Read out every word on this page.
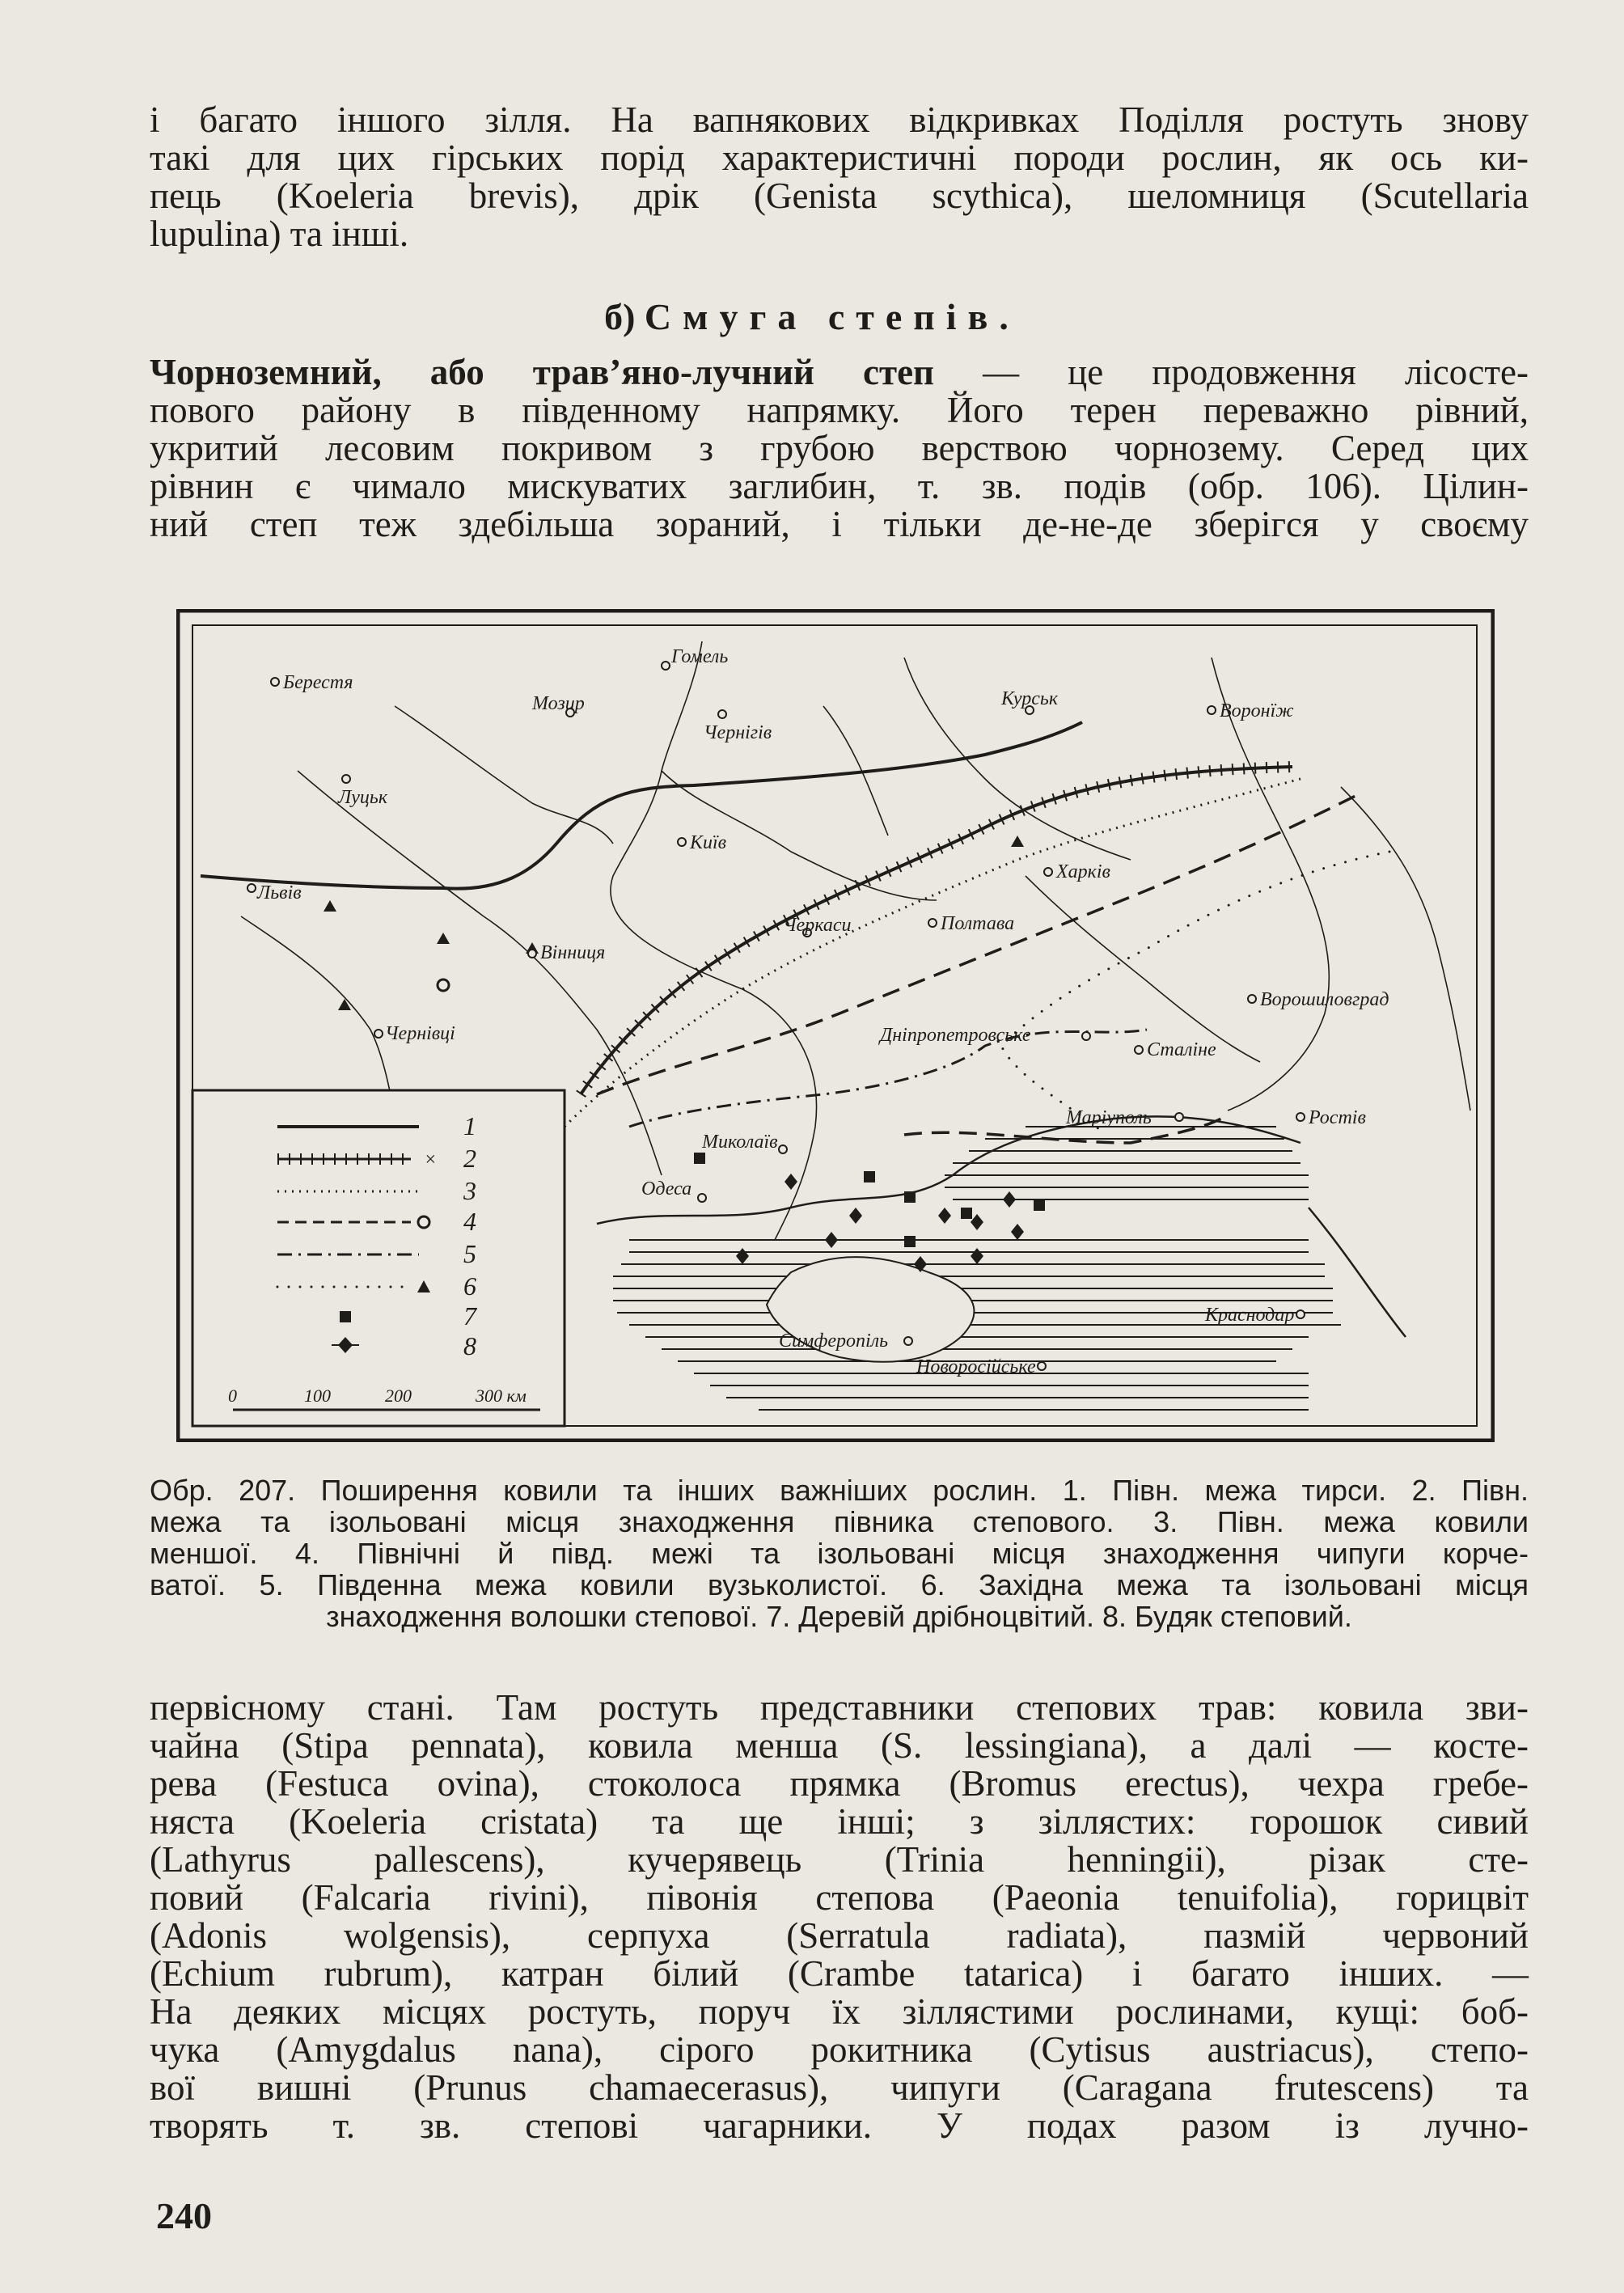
і багато іншого зілля. На вапнякових відкривках Поділля ростуть знову
такі для цих гірських порід характеристичні породи рослин, як ось ки-
пець (Koeleria brevis), дрік (Genista scythica), шеломниця (Scutellaria
lupulina) та інші.

б) Смуга степів.

Чорноземний, або трав’яно-лучний степ — це продовження лісосте-
пового району в південному напрямку. Його терен переважно рівний,
укритий лесовим покривом з грубою верствою чорнозему. Серед цих
рівнин є чимало мискуватих заглибин, т. зв. подів (обр. 106). Цілин-
ний степ теж здебільша зораний, і тільки де-не-де зберігся у своєму

Берестя
Гомель
Мозир
Чернігів
Курськ
Воронїж
Луцьк
Київ
Харків
Львів
Черкаси	Полтава
Вінниця
Ворошиловград
Чернівці	Дніпропетровське
Сталіне
Маріуполь	Ростів
Миколаїв
Одеса
Краснодар
Симферопіль
Новоросійське
×
1
2
3
4
5
6
7
8
0	100	200	300 км
Обр. 207. Поширення ковили та інших важніших рослин. 1. Півн. межа тирси. 2. Півн.
межа та ізольовані місця знаходження півника степового. 3. Півн. межа ковили
меншої. 4. Північні й півд. межі та ізольовані місця знаходження чипуги корче-
ватої. 5. Південна межа ковили вузьколистої. 6. Західна межа та ізольовані місця
знаходження волошки степової. 7. Деревій дрібноцвітий. 8. Будяк степовий.

первісному стані. Там ростуть представники степових трав: ковила зви-
чайна (Stipa pennata), ковила менша (S. lessingiana), а далі — косте-
рева (Festuca ovina), стоколоса прямка (Bromus erectus), чехра гребе-
няста (Koeleria cristata) та ще інші; з зіллястих: горошок сивий
(Lathyrus pallescens), кучерявець (Trinia henningii), різак сте-
повий (Falcaria rivini), півонія степова (Paeonia tenuifolia), горицвіт
(Adonis wolgensis), серпуха (Serratula radiata), пазмій червоний
(Echium rubrum), катран білий (Crambe tatarica) і багато інших. —
На деяких місцях ростуть, поруч їх зіллястими рослинами, кущі: боб-
чука (Amygdalus nana), сірого рокитника (Cytisus austriacus), степо-
вої вишні (Prunus chamaecerasus), чипуги (Caragana frutescens) та
творять т. зв. степові чагарники. У подах разом із лучно-

240
